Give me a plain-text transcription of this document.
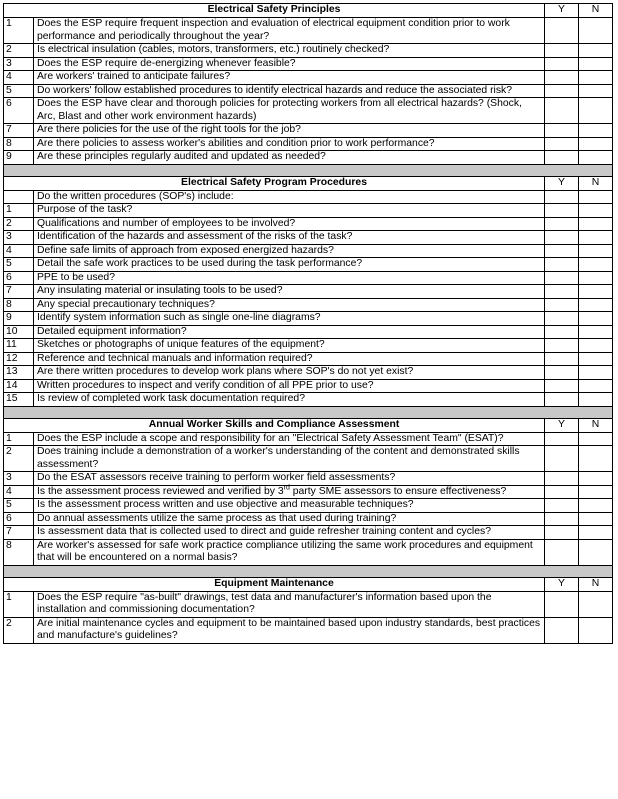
Electrical Safety Principles		Y	N
1	Does the ESP require frequent inspection and evaluation of electrical equipment condition prior to work performance and periodically throughout the year?		
2	Is electrical insulation (cables, motors, transformers, etc.) routinely checked?		
3	Does the ESP require de-energizing whenever feasible?		
4	Are workers' trained to anticipate failures?		
5	Do workers' follow established procedures to identify electrical hazards and reduce the associated risk?		
6	Does the ESP have clear and thorough policies for protecting workers from all electrical hazards? (Shock, Arc, Blast and other work environment hazards)		
7	Are there policies for the use of the right tools for the job?		
8	Are there policies to assess worker's abilities and condition prior to work performance?		
9	Are these principles regularly audited and updated as needed?		

Electrical Safety Program Procedures		Y	N
	Do the written procedures (SOP's) include:		
1	Purpose of the task?		
2	Qualifications and number of employees to be involved?		
3	Identification of the hazards and assessment of the risks of the task?		
4	Define safe limits of approach from exposed energized hazards?		
5	Detail the safe work practices to be used during the task performance?		
6	PPE to be used?		
7	Any insulating material or insulating tools to be used?		
8	Any special precautionary techniques?		
9	Identify system information such as single one-line diagrams?		
10	Detailed equipment information?		
11	Sketches or photographs of unique features of the equipment?		
12	Reference and technical manuals and information required?		
13	Are there written procedures to develop work plans where SOP's do not yet exist?		
14	Written procedures to inspect and verify condition of all PPE prior to use?		
15	Is review of completed work task documentation required?		

Annual Worker Skills and Compliance Assessment		Y	N
1	Does the ESP include a scope and responsibility for an "Electrical Safety Assessment Team" (ESAT)?		
2	Does training include a demonstration of a worker's understanding of the content and demonstrated skills assessment?		
3	Do the ESAT assessors receive training to perform worker field assessments?		
4	Is the assessment process reviewed and verified by 3rd party SME assessors to ensure effectiveness?		
5	Is the assessment process written and use objective and measurable techniques?		
6	Do annual assessments utilize the same process as that used during training?		
7	Is assessment data that is collected used to direct and guide refresher training content and cycles?		
8	Are worker's assessed for safe work practice compliance utilizing the same work procedures and equipment that will be encountered on a normal basis?		

Equipment Maintenance		Y	N
1	Does the ESP require "as-built" drawings, test data and manufacturer's information based upon the installation and commissioning documentation?		
2	Are initial maintenance cycles and equipment to be maintained based upon industry standards, best practices and manufacture's guidelines?		
